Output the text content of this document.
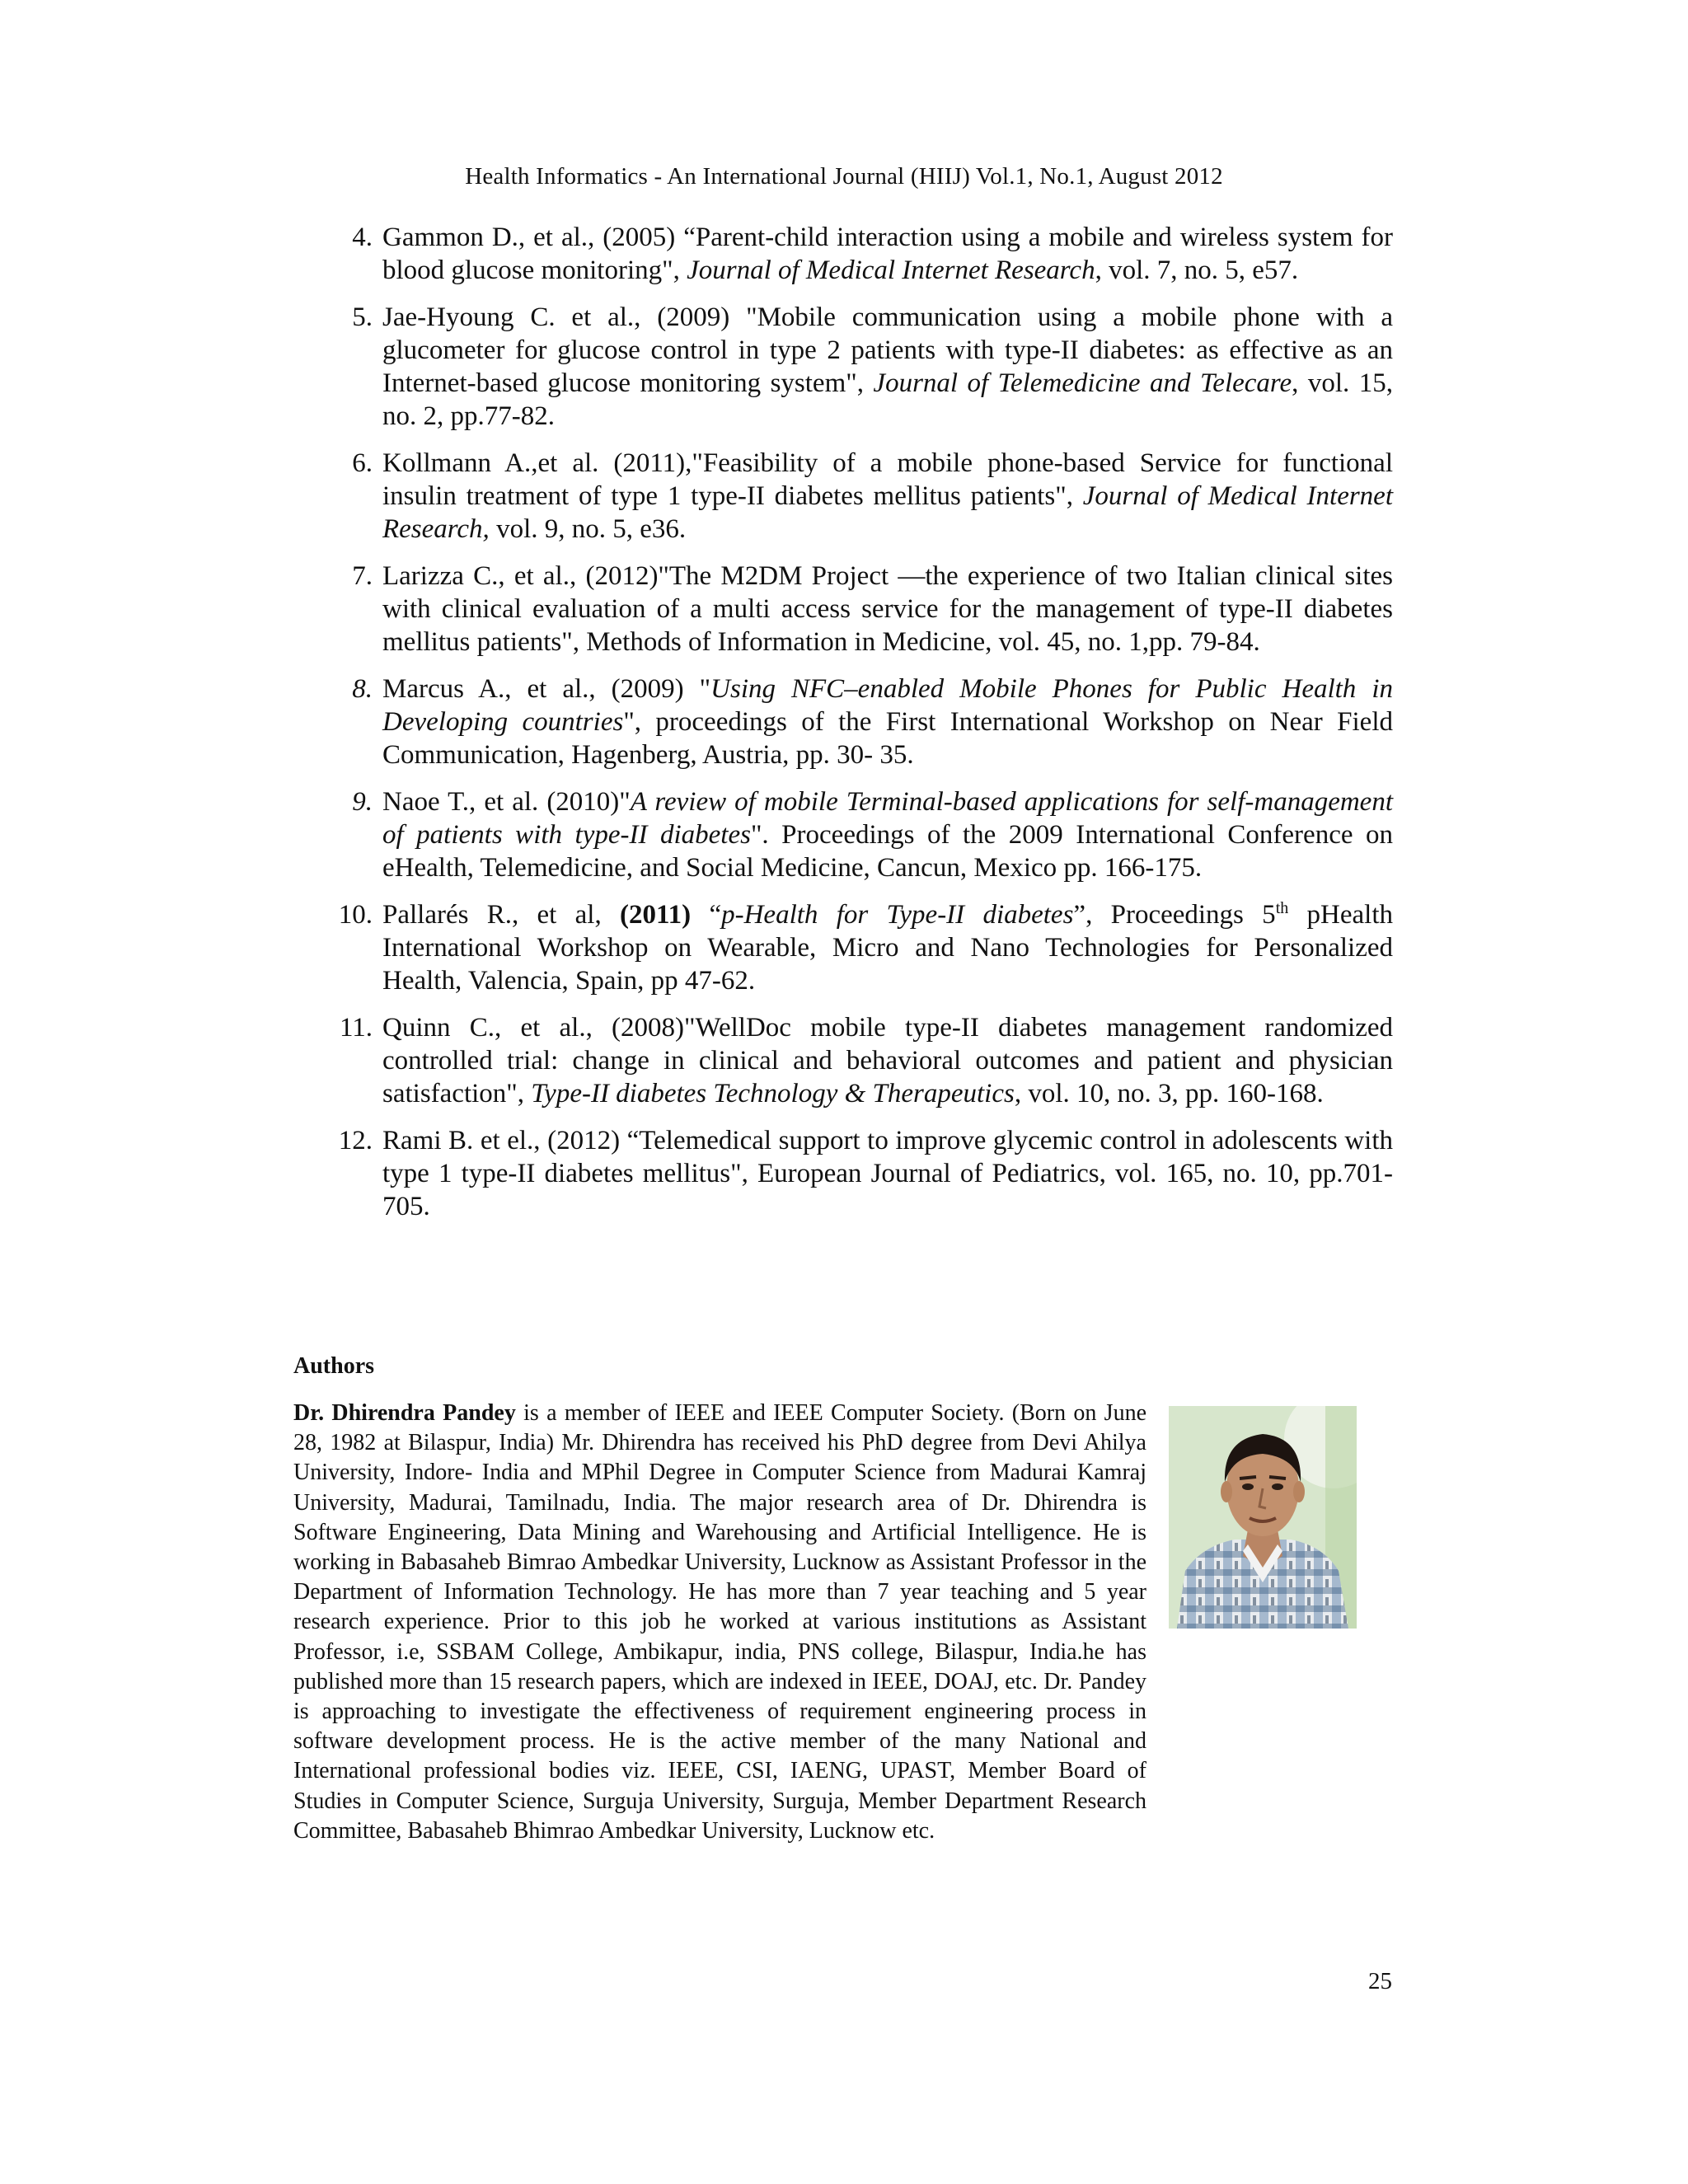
Health Informatics - An International Journal (HIIJ) Vol.1, No.1, August 2012
4. Gammon D., et al., (2005) “Parent-child interaction using a mobile and wireless system for blood glucose monitoring", Journal of Medical Internet Research, vol. 7, no. 5, e57.
5. Jae-Hyoung C. et al., (2009) "Mobile communication using a mobile phone with a glucometer for glucose control in type 2 patients with type-II diabetes: as effective as an Internet-based glucose monitoring system", Journal of Telemedicine and Telecare, vol. 15, no. 2, pp.77-82.
6. Kollmann A.,et al. (2011),"Feasibility of a mobile phone-based Service for functional insulin treatment of type 1 type-II diabetes mellitus patients", Journal of Medical Internet Research, vol. 9, no. 5, e36.
7. Larizza C., et al., (2012)"The M2DM Project —the experience of two Italian clinical sites with clinical evaluation of a multi access service for the management of type-II diabetes mellitus patients", Methods of Information in Medicine, vol. 45, no. 1,pp. 79-84.
8. Marcus A., et al., (2009) "Using NFC–enabled Mobile Phones for Public Health in Developing countries", proceedings of the First International Workshop on Near Field Communication, Hagenberg, Austria, pp. 30- 35.
9. Naoe T., et al. (2010)"A review of mobile Terminal-based applications for self-management of patients with type-II diabetes". Proceedings of the 2009 International Conference on eHealth, Telemedicine, and Social Medicine, Cancun, Mexico pp. 166-175.
10. Pallarés R., et al, (2011) “p-Health for Type-II diabetes”, Proceedings 5th pHealth International Workshop on Wearable, Micro and Nano Technologies for Personalized Health, Valencia, Spain, pp 47-62.
11. Quinn C., et al., (2008)"WellDoc mobile type-II diabetes management randomized controlled trial: change in clinical and behavioral outcomes and patient and physician satisfaction", Type-II diabetes Technology & Therapeutics, vol. 10, no. 3, pp. 160-168.
12. Rami B. et el., (2012) “Telemedical support to improve glycemic control in adolescents with type 1 type-II diabetes mellitus", European Journal of Pediatrics, vol. 165, no. 10, pp.701-705.
Authors

Dr. Dhirendra Pandey is a member of IEEE and IEEE Computer Society. (Born on June 28, 1982 at Bilaspur, India) Mr. Dhirendra has received his PhD degree from Devi Ahilya University, Indore- India and MPhil Degree in Computer Science from Madurai Kamraj University, Madurai, Tamilnadu, India. The major research area of Dr. Dhirendra is Software Engineering, Data Mining and Warehousing and Artificial Intelligence. He is working in Babasaheb Bimrao Ambedkar University, Lucknow as Assistant Professor in the Department of Information Technology. He has more than 7 year teaching and 5 year research experience. Prior to this job he worked at various institutions as Assistant Professor, i.e, SSBAM College, Ambikapur, india, PNS college, Bilaspur, India.he has published more than 15 research papers, which are indexed in IEEE, DOAJ, etc. Dr. Pandey is approaching to investigate the effectiveness of requirement engineering process in software development process. He is the active member of the many National and International professional bodies viz. IEEE, CSI, IAENG, UPAST, Member Board of Studies in Computer Science, Surguja University, Surguja, Member Department Research Committee, Babasaheb Bhimrao Ambedkar University, Lucknow etc.

25
